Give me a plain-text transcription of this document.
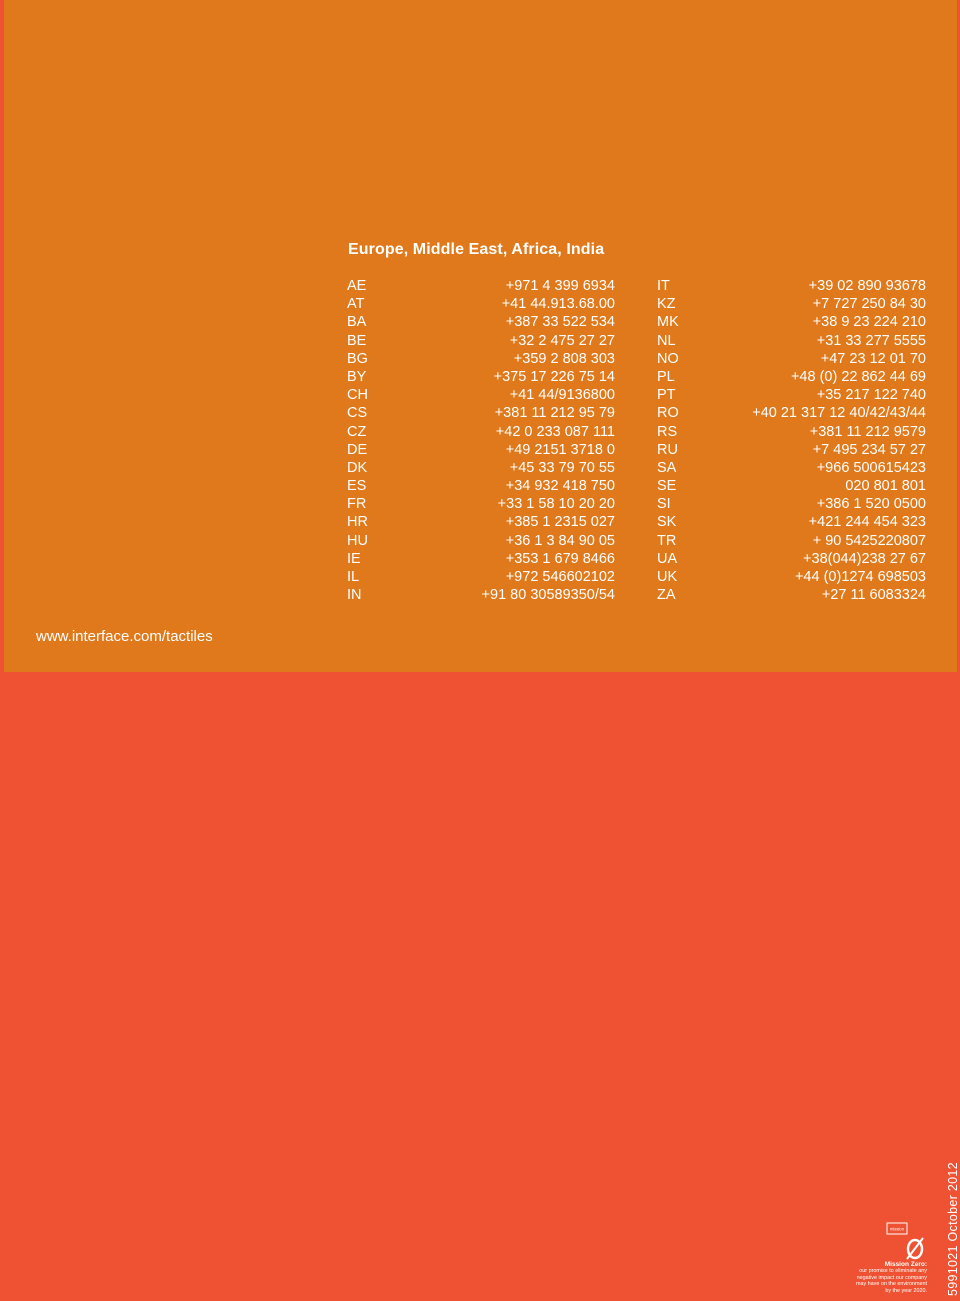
Europe, Middle East, Africa, India
AE	+971 4 399 6934
AT	+41 44.913.68.00
BA	+387 33 522 534
BE	+32 2 475 27 27
BG	+359 2 808 303
BY	+375 17 226 75 14
CH	+41 44/9136800
CS	+381 11 212 95 79
CZ	+42 0 233 087 111
DE	+49 2151 3718 0
DK	+45 33 79 70 55
ES	+34 932 418 750
FR	+33 1 58 10 20 20
HR	+385 1 2315 027
HU	+36 1 3 84 90 05
IE	+353 1 679 8466
IL	+972 546602102
IN	+91 80 30589350/54
IT	+39 02 890 93678
KZ	+7 727 250 84 30
MK	+38 9 23 224 210
NL	+31 33 277 5555
NO	+47 23 12 01 70
PL	+48 (0) 22 862 44 69
PT	+35 217 122 740
RO	+40 21 317 12 40/42/43/44
RS	+381 11 212 9579
RU	+7 495 234 57 27
SA	+966 500615423
SE	020 801 801
SI	+386 1 520 0500
SK	+421 244 454 323
TR	+ 90 5425220807
UA	+38(044)238 27 67
UK	+44 (0)1274 698503
ZA	+27 11 6083324
www.interface.com/tactiles
mission
Mission Zero:
our promise to eliminate any
negative impact our company
may have on the environment
by the year 2020. 5991021 October 2012
